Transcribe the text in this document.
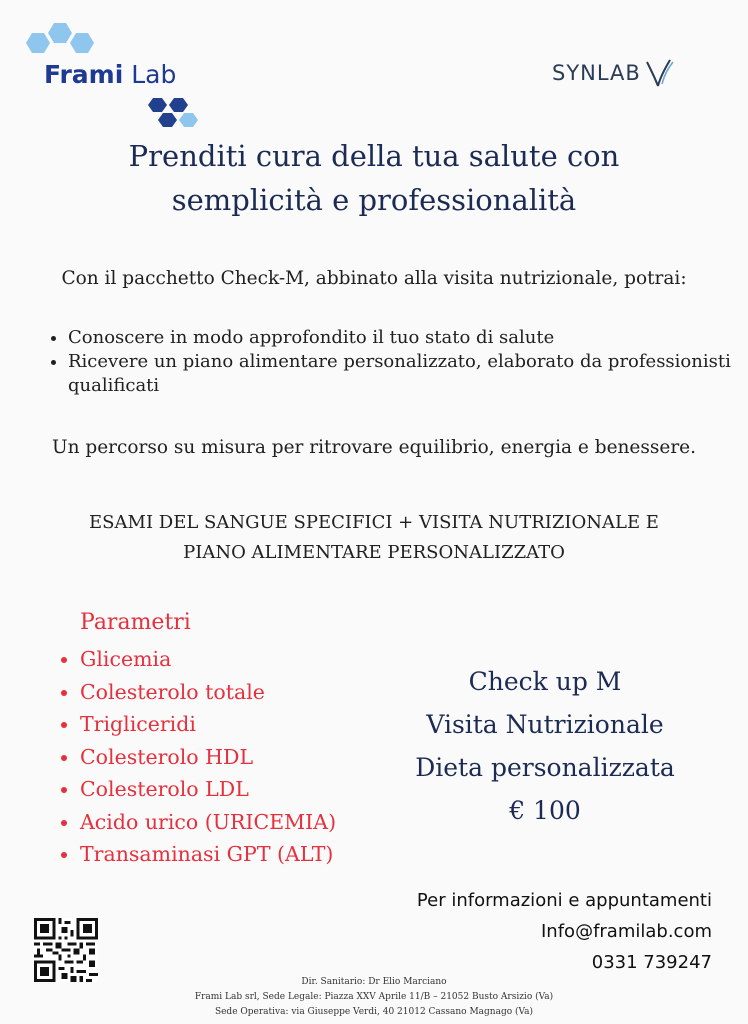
Frami Lab	SYNLAB
Prenditi cura della tua salute con
semplicità e professionalità
Con il pacchetto Check-M, abbinato alla visita nutrizionale, potrai:
• Conoscere in modo approfondito il tuo stato di salute
• Ricevere un piano alimentare personalizzato, elaborato da professionisti qualificati
Un percorso su misura per ritrovare equilibrio, energia e benessere.
ESAMI DEL SANGUE SPECIFICI + VISITA NUTRIZIONALE E
PIANO ALIMENTARE PERSONALIZZATO
Parametri
• Glicemia
• Colesterolo totale
• Trigliceridi
• Colesterolo HDL
• Colesterolo LDL
• Acido urico (URICEMIA)
• Transaminasi GPT (ALT)
Check up M
Visita Nutrizionale
Dieta personalizzata
€ 100
Per informazioni e appuntamenti
Info@framilab.com
0331 739247
Dir. Sanitario: Dr Elio Marciano
Frami Lab srl, Sede Legale: Piazza XXV Aprile 11/B – 21052 Busto Arsizio (Va)
Sede Operativa: via Giuseppe Verdi, 40 21012 Cassano Magnago (Va)
